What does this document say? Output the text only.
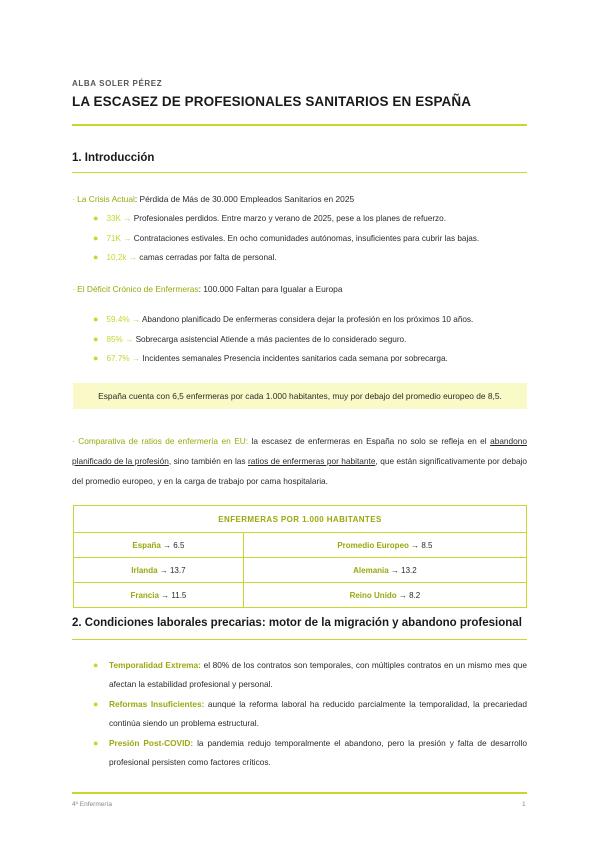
ALBA SOLER PÉREZ
LA ESCASEZ DE PROFESIONALES SANITARIOS EN ESPAÑA
1. Introducción
· La Crisis Actual: Pérdida de Más de 30.000 Empleados Sanitarios en 2025
● 33K → Profesionales perdidos. Entre marzo y verano de 2025, pese a los planes de refuerzo.
● 71K → Contrataciones estivales. En ocho comunidades autónomas, insuficientes para cubrir las bajas.
● 10,2k → camas cerradas por falta de personal.
· El Déficit Crónico de Enfermeras: 100.000 Faltan para Igualar a Europa
● 59.4% → Abandono planificado De enfermeras considera dejar la profesión en los próximos 10 años.
● 85% → Sobrecarga asistencial Atiende a más pacientes de lo considerado seguro.
● 67.7% → Incidentes semanales Presencia incidentes sanitarios cada semana por sobrecarga.
España cuenta con 6,5 enfermeras por cada 1.000 habitantes, muy por debajo del promedio europeo de 8,5.
· Comparativa de ratios de enfermería en EU: la escasez de enfermeras en España no solo se refleja en el abandono planificado de la profesión, sino también en las ratios de enfermeras por habitante, que están significativamente por debajo del promedio europeo, y en la carga de trabajo por cama hospitalaria.
ENFERMERAS POR 1.000 HABITANTES	
España → 6.5	Promedio Europeo → 8.5
Irlanda → 13.7	Alemania → 13.2
Francia → 11.5	Reino Unido → 8.2
2. Condiciones laborales precarias: motor de la migración y abandono profesional
● Temporalidad Extrema: el 80% de los contratos son temporales, con múltiples contratos en un mismo mes que afectan la estabilidad profesional y personal.
● Reformas Insuficientes: aunque la reforma laboral ha reducido parcialmente la temporalidad, la precariedad continúa siendo un problema estructural.
● Presión Post-COVID: la pandemia redujo temporalmente el abandono, pero la presión y falta de desarrollo profesional persisten como factores críticos.
4º Enfermería	1
